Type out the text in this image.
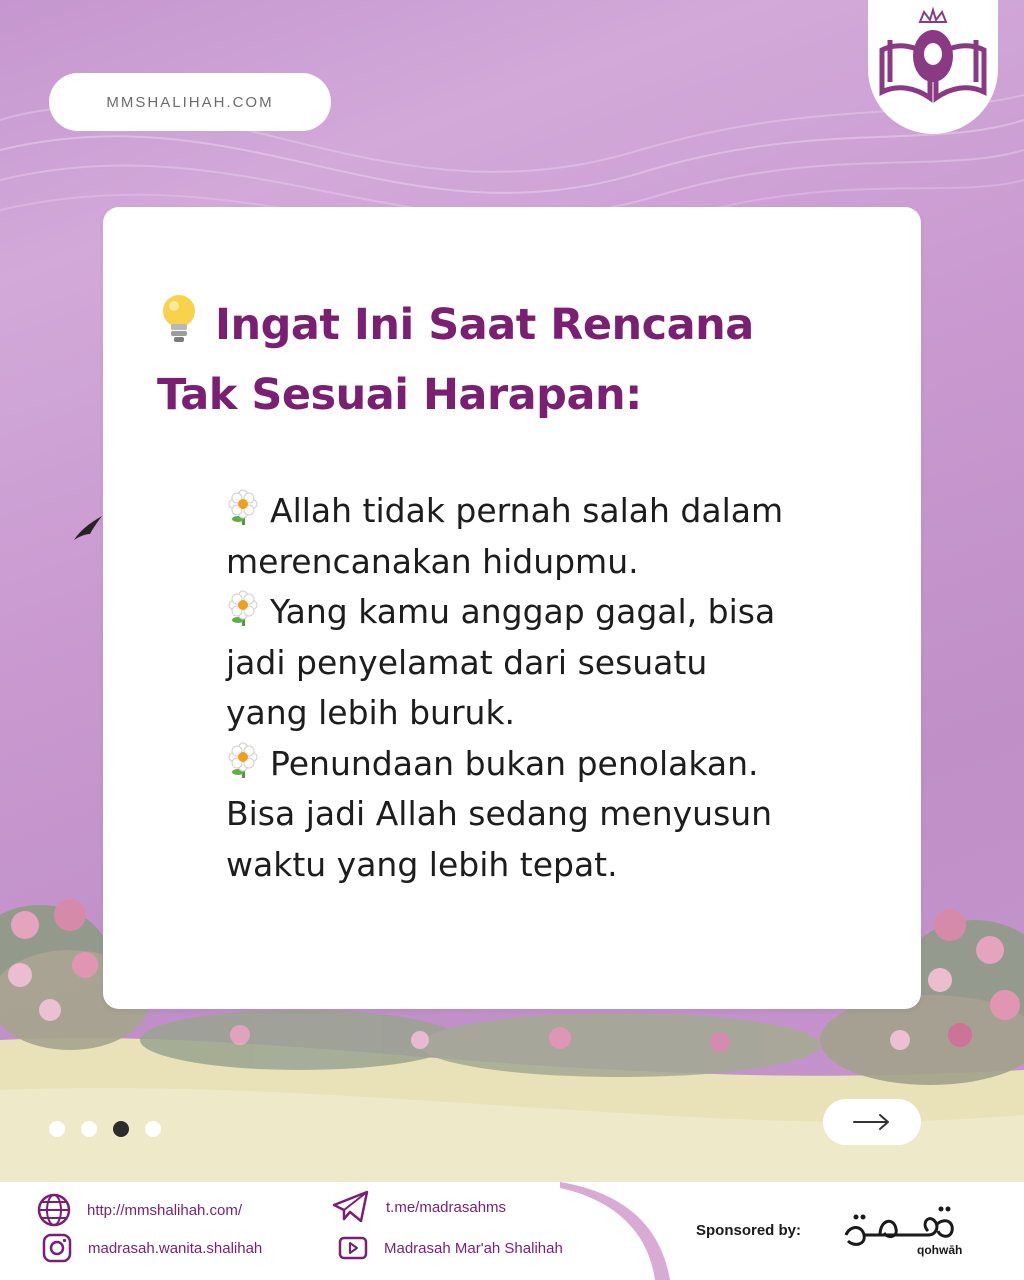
MMSHALIHAH.COM
Ingat Ini Saat Rencana
Tak Sesuai Harapan:
Allah tidak pernah salah dalam
merencanakan hidupmu.
Yang kamu anggap gagal, bisa
jadi penyelamat dari sesuatu
yang lebih buruk.
Penundaan bukan penolakan.
Bisa jadi Allah sedang menyusun
waktu yang lebih tepat.
http://mmshalihah.com/
madrasah.wanita.shalihah
t.me/madrasahms
Madrasah Mar'ah Shalihah
Sponsored by:
qohwāh
